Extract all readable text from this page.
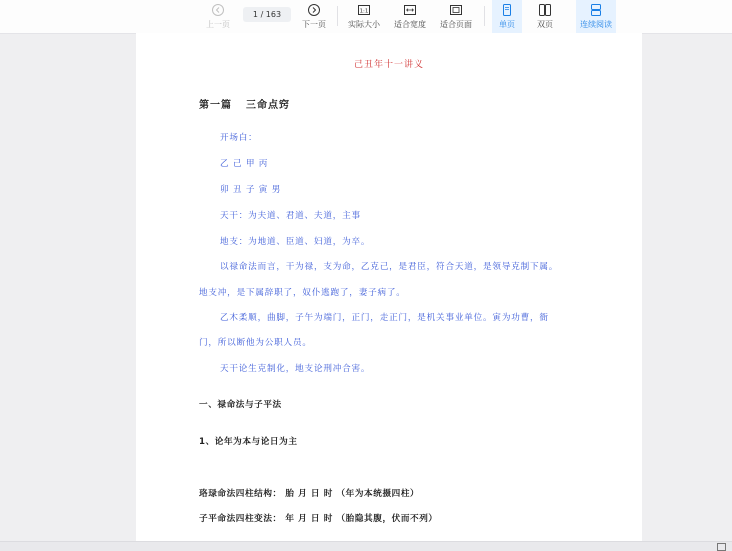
上一页
1 / 163
下一页
1:1
实际大小	适合宽度	适合页面	单页	双页	连续阅读
己丑年十一讲义
第一篇 三命点窍
开场白：
乙 己 甲 丙
卯 丑 子 寅 男
天干：为夫道、君道、夫道，主事
地支：为地道、臣道、妇道，为卒。
以禄命法而言，干为禄，支为命，乙克己，是君臣，符合天道，是领导克制下属。
地支冲，是下属辞职了，奴仆逃跑了，妻子病了。
乙木柔顺，曲脚，子午为端门，正门，走正门，是机关事业单位。寅为功曹，衙
门，所以断他为公职人员。
天干论生克制化，地支论刑冲合害。
一、禄命法与子平法
1、论年为本与论日为主
珞琭命法四柱结构： 胎 月 日 时 （年为本统摄四柱）
子平命法四柱变法： 年 月 日 时 （胎隐其腹，伏而不列）
